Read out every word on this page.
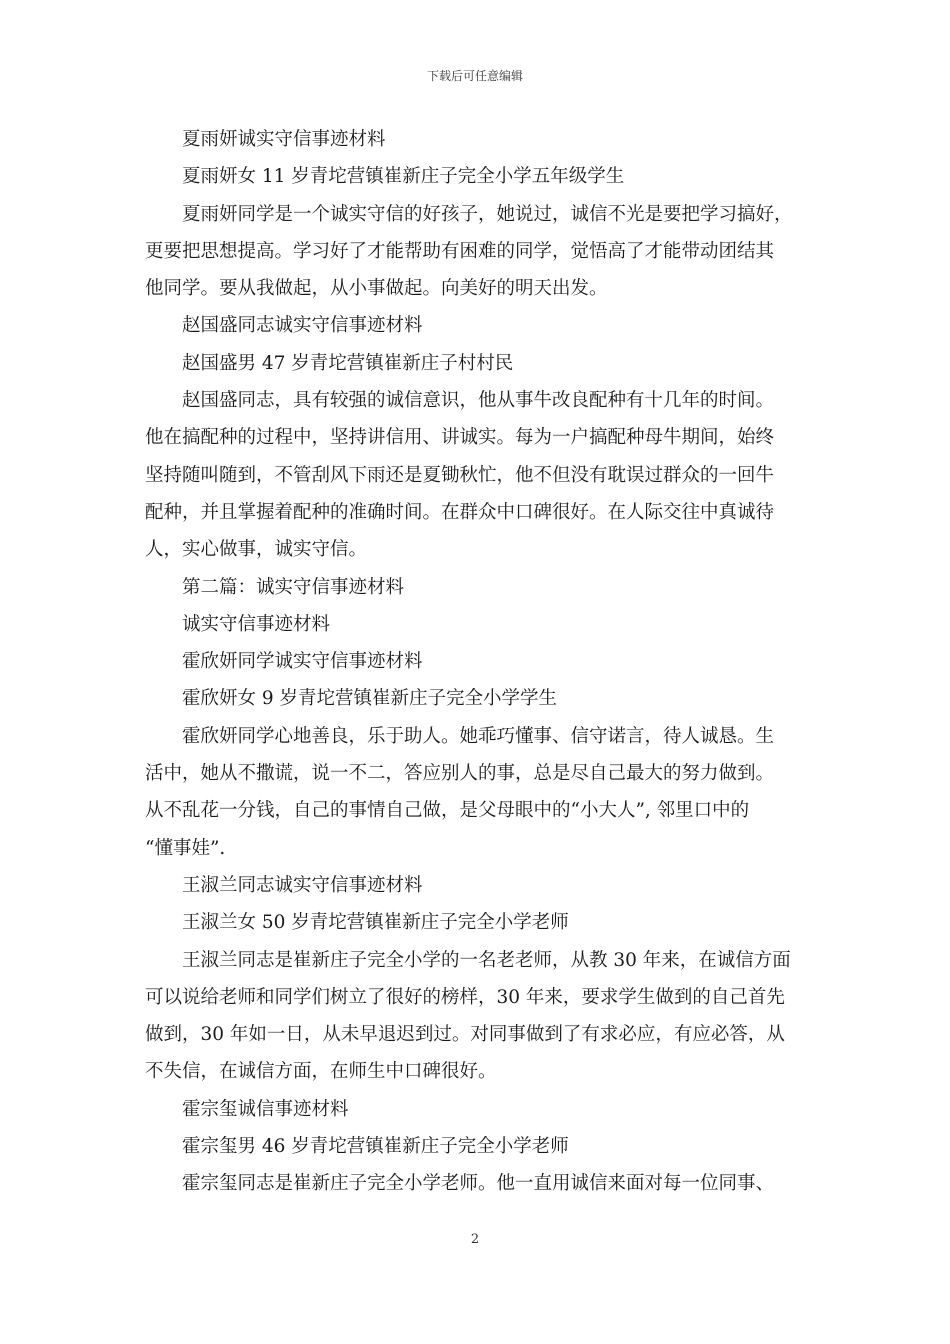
下载后可任意编辑

夏雨妍诚实守信事迹材料

夏雨妍女 11 岁青坨营镇崔新庄子完全小学五年级学生

夏雨妍同学是一个诚实守信的好孩子，她说过，诚信不光是要把学习搞好，

更要把思想提高。学习好了才能帮助有困难的同学，觉悟高了才能带动团结其

他同学。要从我做起，从小事做起。向美好的明天出发。

赵国盛同志诚实守信事迹材料

赵国盛男 47 岁青坨营镇崔新庄子村村民

赵国盛同志，具有较强的诚信意识，他从事牛改良配种有十几年的时间。

他在搞配种的过程中，坚持讲信用、讲诚实。每为一户搞配种母牛期间，始终

坚持随叫随到，不管刮风下雨还是夏锄秋忙，他不但没有耽误过群众的一回牛

配种，并且掌握着配种的准确时间。在群众中口碑很好。在人际交往中真诚待

人，实心做事，诚实守信。

第二篇：诚实守信事迹材料

诚实守信事迹材料

霍欣妍同学诚实守信事迹材料

霍欣妍女 9 岁青坨营镇崔新庄子完全小学学生

霍欣妍同学心地善良，乐于助人。她乖巧懂事、信守诺言，待人诚恳。生

活中，她从不撒谎，说一不二，答应别人的事，总是尽自己最大的努力做到。

从不乱花一分钱，自己的事情自己做，是父母眼中的“小大人”, 邻里口中的

“懂事娃”.

王淑兰同志诚实守信事迹材料

王淑兰女 50 岁青坨营镇崔新庄子完全小学老师

王淑兰同志是崔新庄子完全小学的一名老老师，从教 30 年来，在诚信方面

可以说给老师和同学们树立了很好的榜样，30 年来，要求学生做到的自己首先

做到，30 年如一日，从未早退迟到过。对同事做到了有求必应，有应必答，从

不失信，在诚信方面，在师生中口碑很好。

霍宗玺诚信事迹材料

霍宗玺男 46 岁青坨营镇崔新庄子完全小学老师

霍宗玺同志是崔新庄子完全小学老师。他一直用诚信来面对每一位同事、

2
